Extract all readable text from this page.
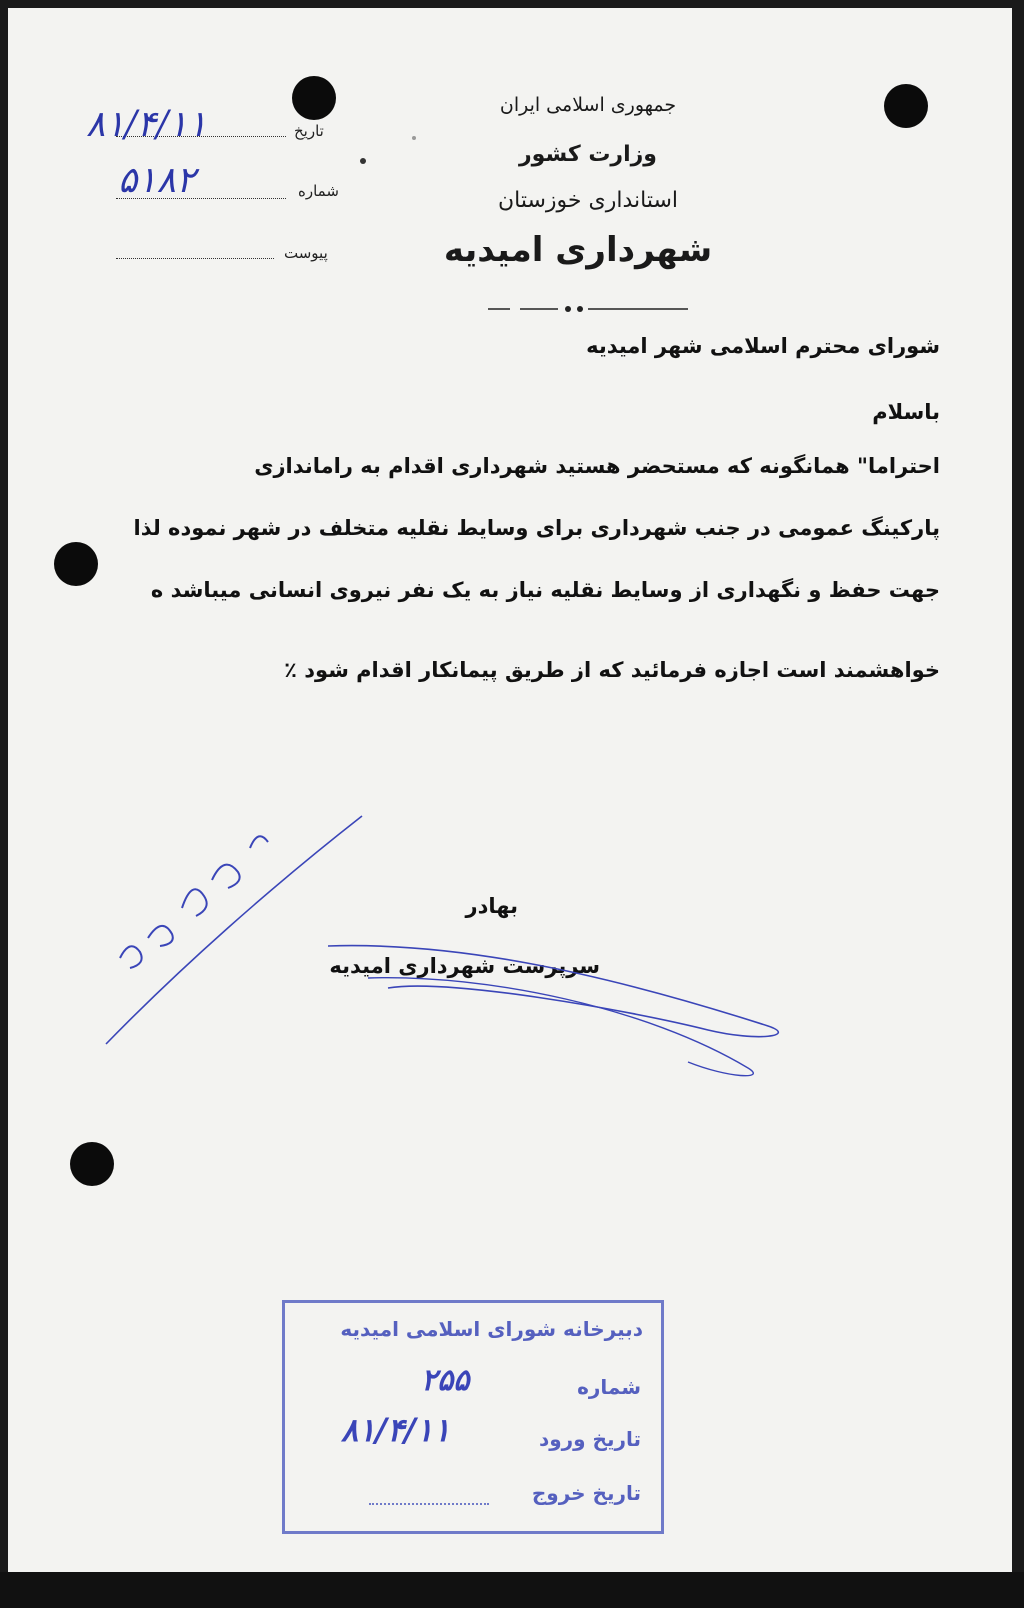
جمهوری اسلامی ایران
وزارت کشور
استانداری خوزستان
شهرداری امیدیه
تاریخ
۸۱/۴/۱۱
شماره
۵۱۸۲
پیوست
شورای محترم اسلامی شهر امیدیه
باسلام
احتراما" همانگونه که مستحضر هستید شهرداری اقدام به راماندازی
پارکینگ عمومی در جنب شهرداری برای وسایط نقلیه متخلف در شهر نموده لذا
جهت حفظ و نگهداری از وسایط نقلیه نیاز به یک نفر نیروی انسانی میباشد ه
خواهشمند است اجازه فرمائید که از طریق پیمانکار اقدام شود ٪
بهادر
سرپرست شهرداری امیدیه
دبیرخانه شورای اسلامی امیدیه
شماره
۲۵۵
تاریخ ورود
۸۱/۴/۱۱
تاریخ خروج
